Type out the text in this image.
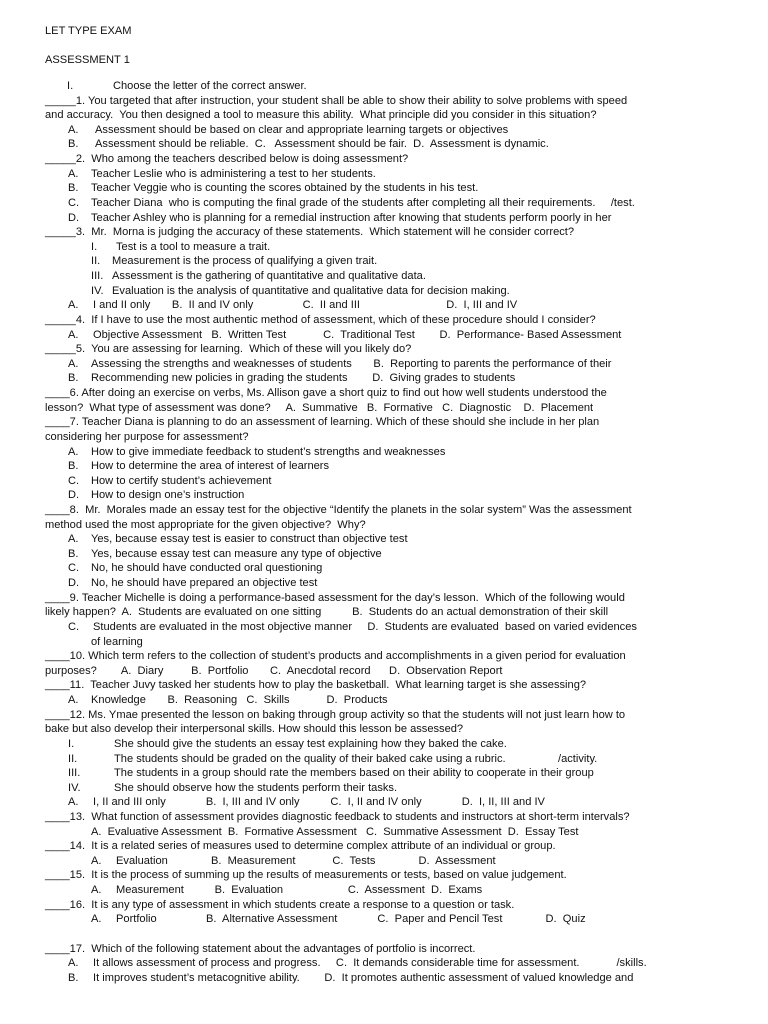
LET TYPE EXAM
ASSESSMENT 1
I.	Choose the letter of the correct answer.
_____1. You targeted that after instruction, your student shall be able to show their ability to solve problems with speed
and accuracy.  You then designed a tool to measure this ability.  What principle did you consider in this situation?
A. Assessment should be based on clear and appropriate learning targets or objectives
B. Assessment should be reliable.  C.   Assessment should be fair.  D.  Assessment is dynamic.
_____2.  Who among the teachers described below is doing assessment?
A. Teacher Leslie who is administering a test to her students.
B. Teacher Veggie who is counting the scores obtained by the students in his test.
C. Teacher Diana  who is computing the final grade of the students after completing all their requirements.     /test.
D. Teacher Ashley who is planning for a remedial instruction after knowing that students perform poorly in her
_____3.  Mr.  Morna is judging the accuracy of these statements.  Which statement will he consider correct?
I. Test is a tool to measure a trait.
II. Measurement is the process of qualifying a given trait.
III. Assessment is the gathering of quantitative and qualitative data.
IV. Evaluation is the analysis of quantitative and qualitative data for decision making.
A. I and II only       B.  II and IV only                C.  II and III                            D.  I, III and IV
_____4.  If I have to use the most authentic method of assessment, which of these procedure should I consider?
A. Objective Assessment   B.  Written Test            C.  Traditional Test        D.  Performance- Based Assessment
_____5.  You are assessing for learning.  Which of these will you likely do?
A. Assessing the strengths and weaknesses of students       B.  Reporting to parents the performance of their
B. Recommending new policies in grading the students        D.  Giving grades to students
____6. After doing an exercise on verbs, Ms. Allison gave a short quiz to find out how well students understood the
lesson?  What type of assessment was done?     A.  Summative   B.  Formative   C.  Diagnostic    D.  Placement
____7. Teacher Diana is planning to do an assessment of learning. Which of these should she include in her plan
considering her purpose for assessment?
A. How to give immediate feedback to student’s strengths and weaknesses
B. How to determine the area of interest of learners
C. How to certify student’s achievement
D. How to design one’s instruction
____8.  Mr.  Morales made an essay test for the objective “Identify the planets in the solar system” Was the assessment
method used the most appropriate for the given objective?  Why?
A. Yes, because essay test is easier to construct than objective test
B. Yes, because essay test can measure any type of objective
C. No, he should have conducted oral questioning
D. No, he should have prepared an objective test
____9. Teacher Michelle is doing a performance-based assessment for the day’s lesson.  Which of the following would
likely happen?  A.  Students are evaluated on one sitting          B.  Students do an actual demonstration of their skill
C. Students are evaluated in the most objective manner     D.  Students are evaluated  based on varied evidences
of learning
____10. Which term refers to the collection of student’s products and accomplishments in a given period for evaluation
purposes?        A.  Diary         B.  Portfolio       C.  Anecdotal record      D.  Observation Report
____11.  Teacher Juvy tasked her students how to play the basketball.  What learning target is she assessing?
A. Knowledge       B.  Reasoning   C.  Skills            D.  Products
____12. Ms. Ymae presented the lesson on baking through group activity so that the students will not just learn how to
bake but also develop their interpersonal skills. How should this lesson be assessed?
I.	She should give the students an essay test explaining how they baked the cake.
II.	The students should be graded on the quality of their baked cake using a rubric.                 /activity.
III.	The students in a group should rate the members based on their ability to cooperate in their group
IV.	She should observe how the students perform their tasks.
A. I, II and III only             B.  I, III and IV only          C.  I, II and IV only             D.  I, II, III and IV
____13.  What function of assessment provides diagnostic feedback to students and instructors at short-term intervals?
A.  Evaluative Assessment  B.  Formative Assessment   C.  Summative Assessment  D.  Essay Test
____14.  It is a related series of measures used to determine complex attribute of an individual or group.
A. Evaluation              B.  Measurement            C.  Tests              D.  Assessment
____15.  It is the process of summing up the results of measurements or tests, based on value judgement.
A. Measurement          B.  Evaluation                     C.  Assessment  D.  Exams
____16.  It is any type of assessment in which students create a response to a question or task.
A. Portfolio                B.  Alternative Assessment             C.  Paper and Pencil Test              D.  Quiz
____17.  Which of the following statement about the advantages of portfolio is incorrect.
A. It allows assessment of process and progress.     C.  It demands considerable time for assessment.            /skills.
B. It improves student’s metacognitive ability.        D.  It promotes authentic assessment of valued knowledge and
